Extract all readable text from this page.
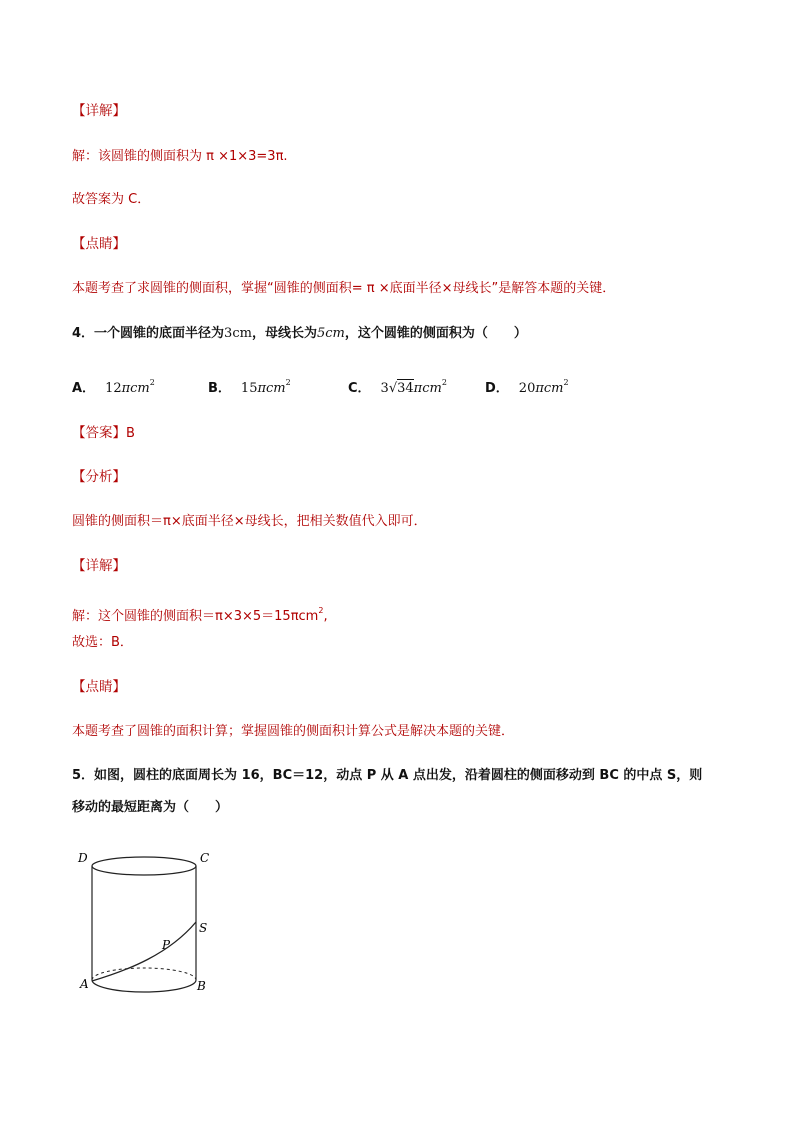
【详解】
解：该圆锥的侧面积为 π ×1×3=3π.
故答案为 C．
【点睛】
本题考查了求圆锥的侧面积，掌握“圆锥的侧面积= π ×底面半径×母线长”是解答本题的关键．
4．一个圆锥的底面半径为3cm，母线长为5cm，这个圆锥的侧面积为（　　）
A． 12πcm$^2$	B． 15πcm$^2$	C． 3√34πcm$^2$	D． 20πcm$^2$
【答案】B
【分析】
圆锥的侧面积＝π×底面半径×母线长，把相关数值代入即可．
【详解】
解：这个圆锥的侧面积＝π×3×5＝15πcm$^2$,
故选：B．
【点睛】
本题考查了圆锥的面积计算；掌握圆锥的侧面积计算公式是解决本题的关键．
5．如图，圆柱的底面周长为 16，BC＝12，动点 P 从 A 点出发，沿着圆柱的侧面移动到 BC 的中点 S，则
移动的最短距离为（　　）
D	C
S
P
A	B
